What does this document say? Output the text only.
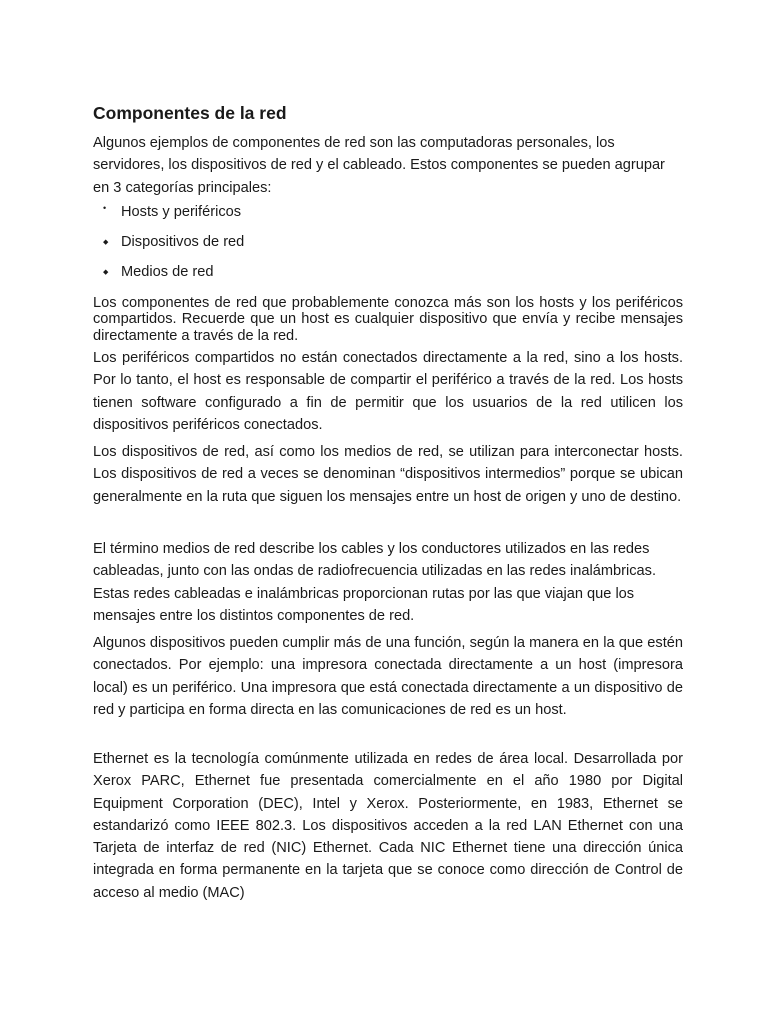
Componentes de la red

Algunos ejemplos de componentes de red son las computadoras personales, los servidores, los dispositivos de red y el cableado. Estos componentes se pueden agrupar en 3 categorías principales:

• Hosts y periféricos
◆ Dispositivos de red
◆ Medios de red

Los componentes de red que probablemente conozca más son los hosts y los periféricos compartidos. Recuerde que un host es cualquier dispositivo que envía y recibe mensajes directamente a través de la red.

Los periféricos compartidos no están conectados directamente a la red, sino a los hosts. Por lo tanto, el host es responsable de compartir el periférico a través de la red. Los hosts tienen software configurado a fin de permitir que los usuarios de la red utilicen los dispositivos periféricos conectados.

Los dispositivos de red, así como los medios de red, se utilizan para interconectar hosts. Los dispositivos de red a veces se denominan “dispositivos intermedios” porque se ubican generalmente en la ruta que siguen los mensajes entre un host de origen y uno de destino.

El término medios de red describe los cables y los conductores utilizados en las redes cableadas, junto con las ondas de radiofrecuencia utilizadas en las redes inalámbricas. Estas redes cableadas e inalámbricas proporcionan rutas por las que viajan que los mensajes entre los distintos componentes de red.

Algunos dispositivos pueden cumplir más de una función, según la manera en la que estén conectados. Por ejemplo: una impresora conectada directamente a un host (impresora local) es un periférico. Una impresora que está conectada directamente a un dispositivo de red y participa en forma directa en las comunicaciones de red es un host.

Ethernet es la tecnología comúnmente utilizada en redes de área local. Desarrollada por Xerox PARC, Ethernet fue presentada comercialmente en el año 1980 por Digital Equipment Corporation (DEC), Intel y Xerox. Posteriormente, en 1983, Ethernet se estandarizó como IEEE 802.3. Los dispositivos acceden a la red LAN Ethernet con una Tarjeta de interfaz de red (NIC) Ethernet. Cada NIC Ethernet tiene una dirección única integrada en forma permanente en la tarjeta que se conoce como dirección de Control de acceso al medio (MAC)
